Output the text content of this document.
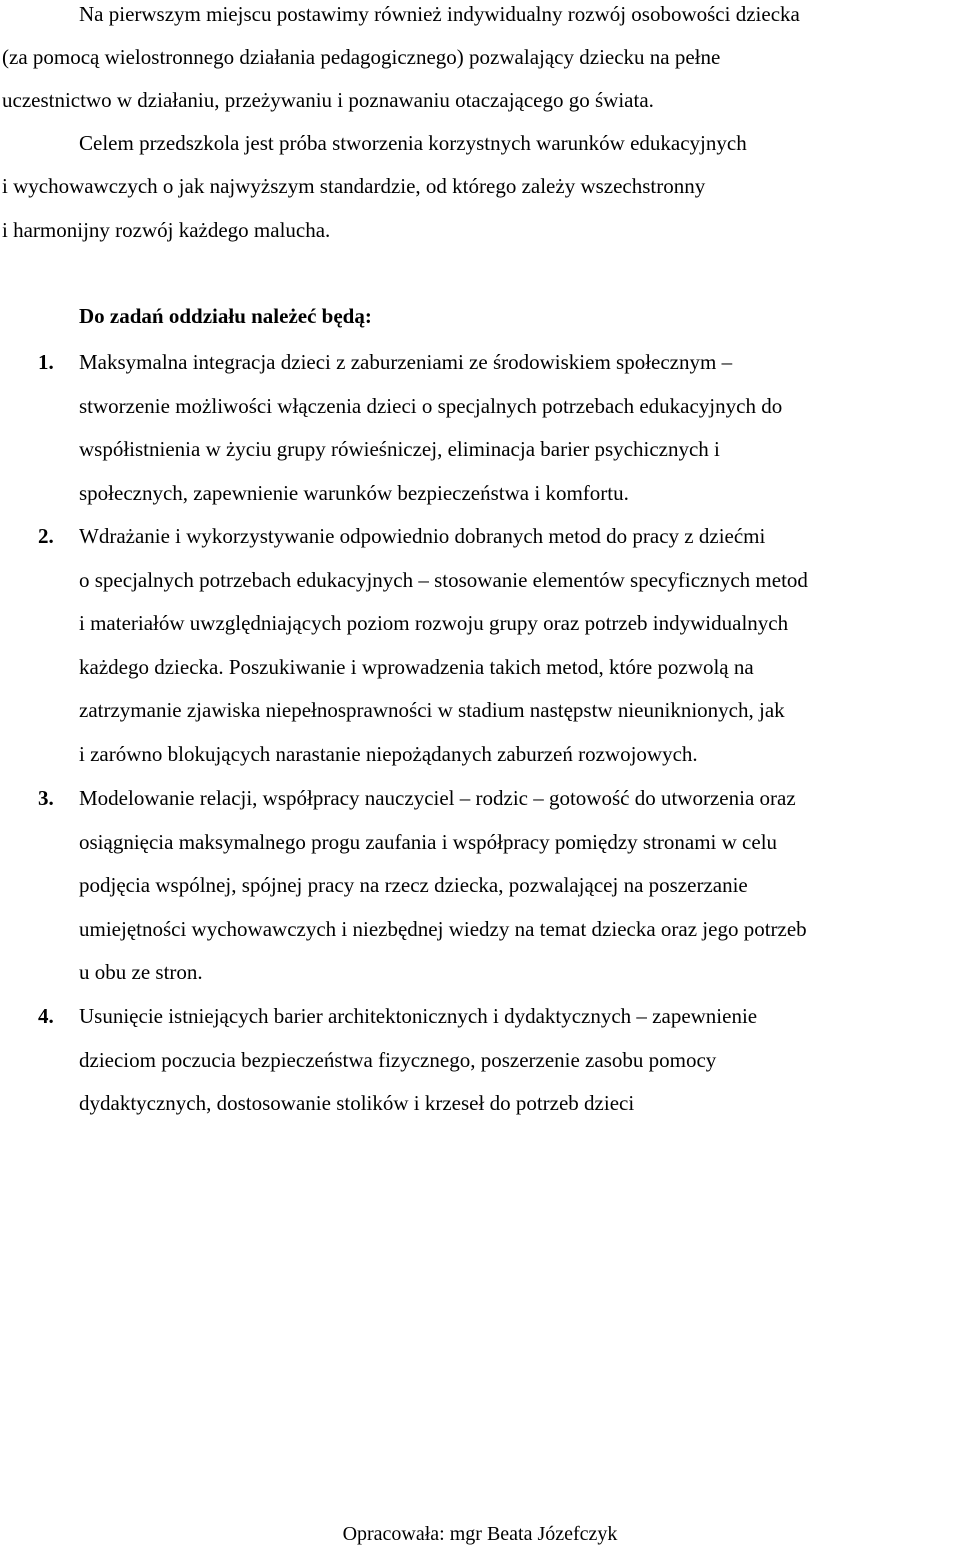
Na pierwszym miejscu postawimy również indywidualny rozwój osobowości dziecka
(za pomocą wielostronnego działania pedagogicznego) pozwalający dziecku na pełne
uczestnictwo w działaniu, przeżywaniu i poznawaniu otaczającego go świata.
Celem przedszkola jest próba stworzenia korzystnych warunków edukacyjnych
i wychowawczych o jak najwyższym standardzie, od którego zależy wszechstronny
i harmonijny rozwój każdego malucha.
Do zadań oddziału należeć będą:
1. Maksymalna integracja dzieci z zaburzeniami ze środowiskiem społecznym –
stworzenie możliwości włączenia dzieci o specjalnych potrzebach edukacyjnych do
współistnienia w życiu grupy rówieśniczej, eliminacja barier psychicznych i
społecznych, zapewnienie warunków bezpieczeństwa i komfortu.
2. Wdrażanie i wykorzystywanie odpowiednio dobranych metod do pracy z dziećmi
o specjalnych potrzebach edukacyjnych – stosowanie elementów specyficznych metod
i materiałów uwzględniających poziom rozwoju grupy oraz potrzeb indywidualnych
każdego dziecka. Poszukiwanie i wprowadzenia takich metod, które pozwolą na
zatrzymanie zjawiska niepełnosprawności w stadium następstw nieuniknionych, jak
i zarówno blokujących narastanie niepożądanych zaburzeń rozwojowych.
3. Modelowanie relacji, współpracy nauczyciel – rodzic – gotowość do utworzenia oraz
osiągnięcia maksymalnego progu zaufania i współpracy pomiędzy stronami w celu
podjęcia wspólnej, spójnej pracy na rzecz dziecka, pozwalającej na poszerzanie
umiejętności wychowawczych i niezbędnej wiedzy na temat dziecka oraz jego potrzeb
u obu ze stron.
4. Usunięcie istniejących barier architektonicznych i dydaktycznych – zapewnienie
dzieciom poczucia bezpieczeństwa fizycznego, poszerzenie zasobu pomocy
dydaktycznych, dostosowanie stolików i krzeseł do potrzeb dzieci
Opracowała: mgr Beata Józefczyk
